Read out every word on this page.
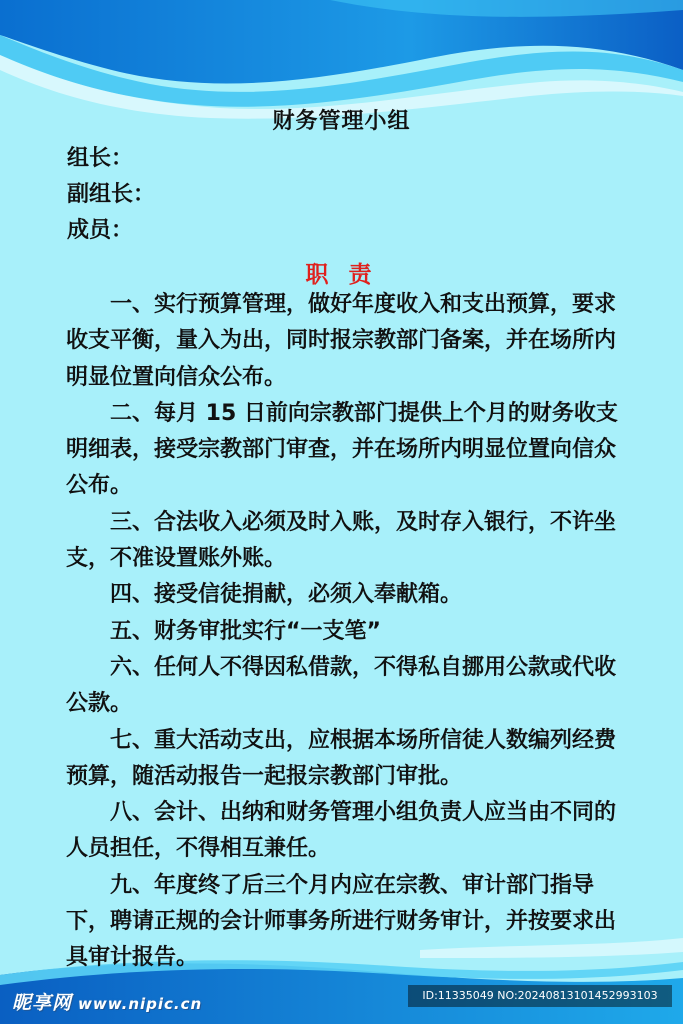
财务管理小组
组长：
副组长：
成员：
职 责

一、实行预算管理，做好年度收入和支出预算，要求收支平衡，量入为出，同时报宗教部门备案，并在场所内明显位置向信众公布。

二、每月 15 日前向宗教部门提供上个月的财务收支明细表，接受宗教部门审查，并在场所内明显位置向信众公布。

三、合法收入必须及时入账，及时存入银行，不许坐支，不准设置账外账。

四、接受信徒捐献，必须入奉献箱。

五、财务审批实行“一支笔”

六、任何人不得因私借款，不得私自挪用公款或代收公款。

七、重大活动支出，应根据本场所信徒人数编列经费预算，随活动报告一起报宗教部门审批。

八、会计、出纳和财务管理小组负责人应当由不同的人员担任，不得相互兼任。

九、年度终了后三个月内应在宗教、审计部门指导下，聘请正规的会计师事务所进行财务审计，并按要求出具审计报告。

昵享网 www.nipic.cn	ID:11335049 NO:20240813101452993103
